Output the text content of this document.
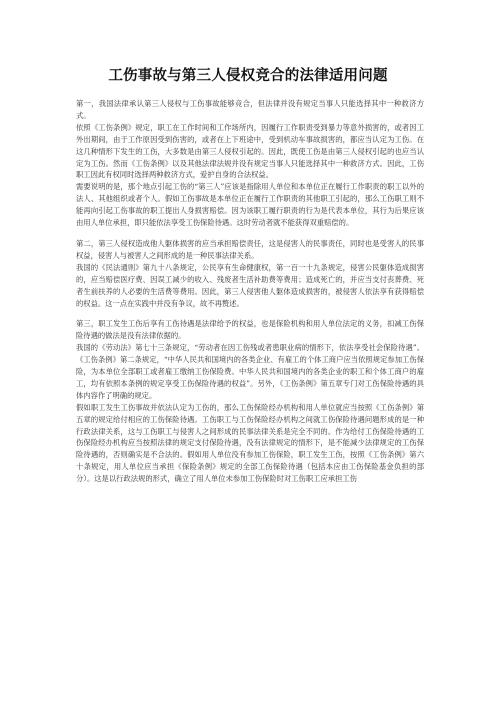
工伤事故与第三人侵权竞合的法律适用问题

第一，我国法律承认第三人侵权与工伤事故能够竞合，但法律并没有规定当事人只能选择其中一种救济方式。

依照《工伤条例》规定，职工在工作时间和工作场所内，因履行工作职责受到暴力等意外损害的，或者因工外出期间，由于工作原因受到伤害的，或者在上下班途中，受到机动车事故损害的，都应当认定为工伤。在这几种情形下发生的工伤，大多数是由第三人侵权引起的。因此，既使工伤是由第三人侵权引起的也应当认定为工伤。然而《工伤条例》以及其他法律法规并没有规定当事人只能选择其中一种救济方式。因此，工伤职工因此有权同时选择两种救济方式，爱护自身的合法权益。

需要说明的是，那个地点引起工伤的“第三人”应该是指除用人单位和本单位正在履行工作职责的职工以外的法人、其他组织或者个人。假如工伤事故是本单位正在履行工作职责的其他职工引起的，那么工伤职工则不能再向引起工伤事故的职工提出人身损害赔偿。因为该职工履行职责的行为是代表本单位，其行为后果应该由用人单位承担，即只能依法享受工伤保险待遇。这时劳动者就不能获得双重赔偿的。

第二，第三人侵权造成他人躯体损害的应当承担赔偿责任，这是侵害人的民事责任，同时也是受害人的民事权益，侵害人与被害人之间形成的是一种民事法律关系。

我国的《民法通则》第九十八条规定，公民享有生命健康权，第一百一十九条规定，侵害公民躯体造成损害的，应当赔偿医疗费、因误工减少的收入、残废者生活补助费等费用；造成死亡的，并应当支付丧葬费、死者生前扶养的人必要的生活费等费用。因此，第三人侵害他人躯体造成损害的，被侵害人依法享有获得赔偿的权益。这一点在实践中并没有争议，故不再赘述。

第三，职工发生工伤后享有工伤待遇是法律给予的权益，也是保险机构和用人单位法定的义务，扣减工伤保险待遇的做法是没有法律依据的。

我国的《劳动法》第七十三条规定，“劳动者在因工伤残或者患职业病的情形下，依法享受社会保险待遇”。《工伤条例》第二条规定，“中华人民共和国境内的各类企业、有雇工的个体工商户应当依照规定参加工伤保险，为本单位全部职工或者雇工缴纳工伤保险费。中华人民共和国境内的各类企业的职工和个体工商户的雇工，均有依照本条例的规定享受工伤保险待遇的权益”。另外，《工伤条例》第五章专门对工伤保险待遇的具体内容作了明确的规定。

假如职工发生工伤事故并依法认定为工伤的，那么工伤保险经办机构和用人单位就应当按照《工伤条例》第五章的规定给付相应的工伤保险待遇。工伤职工与工伤保险经办机构之间就工伤保险待遇问题形成的是一种行政法律关系，这与工伤职工与侵害人之间形成的民事法律关系是完全不同的。作为给付工伤保险待遇的工伤保险经办机构应当按照法律的规定支付保险待遇，没有法律规定的情形下，是不能减少法律规定的工伤保险待遇的，否则确实是不合法的。假如用人单位没有参加工伤保险，职工发生工伤，按照《工伤条例》第六十条规定，用人单位应当承担《保险条例》规定的全部工伤保险待遇（包括本应由工伤保险基金负担的部分）。这是以行政法规的形式，确立了用人单位未参加工伤保险时对工伤职工应承担工伤
